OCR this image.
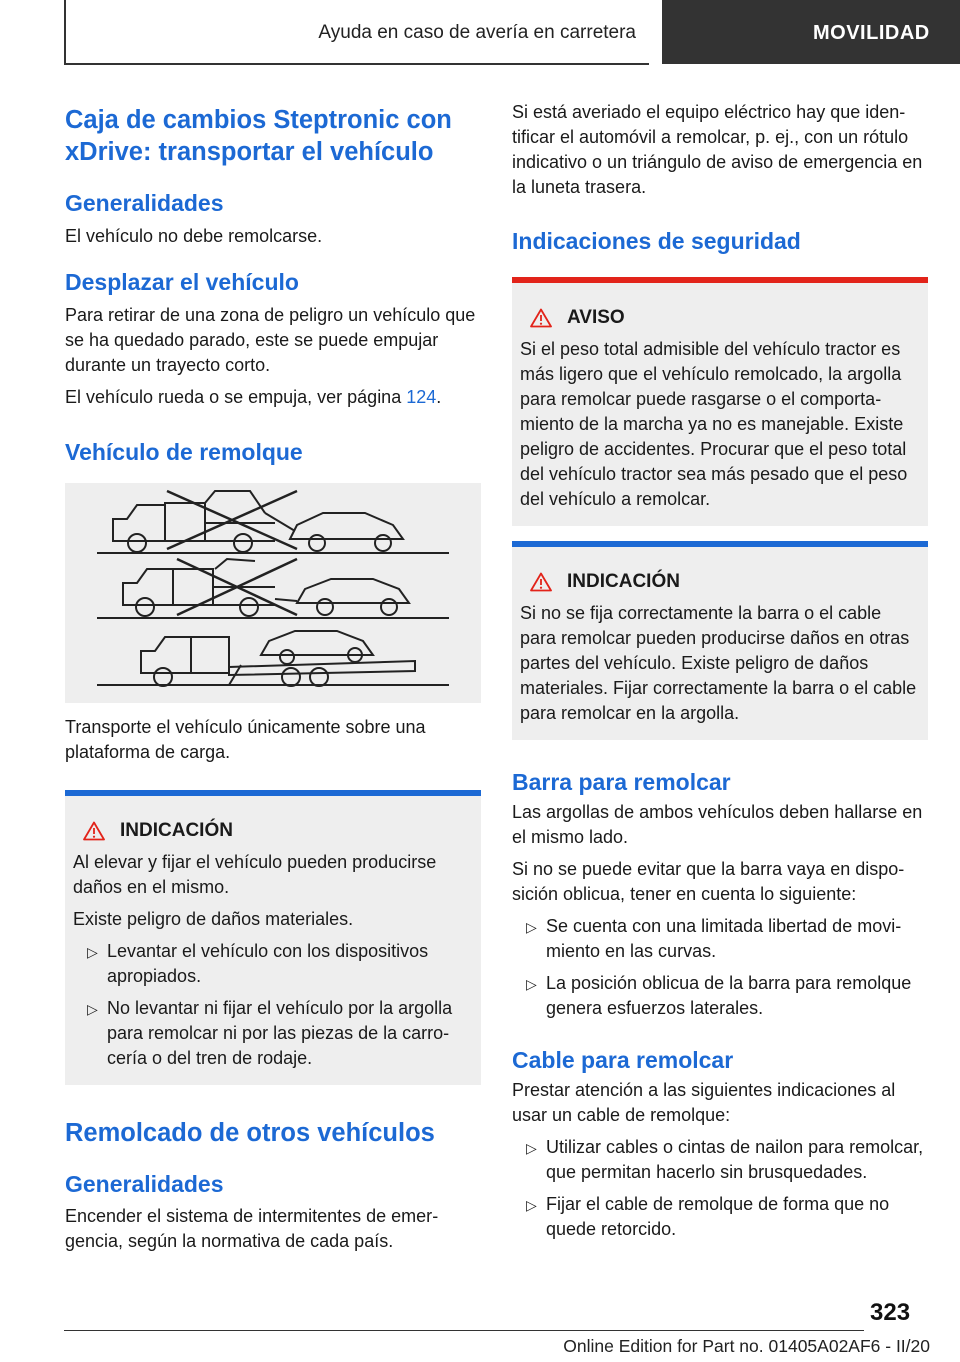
Ayuda en caso de avería en carretera	MOVILIDAD
Caja de cambios Steptronic con xDrive: transportar el vehículo
Generalidades

El vehículo no debe remolcarse.

Desplazar el vehículo

Para retirar de una zona de peligro un vehículo que se ha quedado parado, este se puede empujar durante un trayecto corto.

El vehículo rueda o se empuja, ver página 124.

Vehículo de remolque

Transporte el vehículo únicamente sobre una plataforma de carga.

INDICACIÓN

Al elevar y fijar el vehículo pueden producirse daños en el mismo.

Existe peligro de daños materiales.

▷ Levantar el vehículo con los dispositivos apropiados.
▷ No levantar ni fijar el vehículo por la argolla para remolcar ni por las piezas de la carrocería o del tren de rodaje.
Remolcado de otros vehículos
Generalidades

Encender el sistema de intermitentes de emergencia, según la normativa de cada país.

Si está averiado el equipo eléctrico hay que identificar el automóvil a remolcar, p. ej., con un rótulo indicativo o un triángulo de aviso de emergencia en la luneta trasera.

Indicaciones de seguridad
AVISO

Si el peso total admisible del vehículo tractor es más ligero que el vehículo remolcado, la argolla para remolcar puede rasgarse o el comportamiento de la marcha ya no es manejable. Existe peligro de accidentes. Procurar que el peso total del vehículo tractor sea más pesado que el peso del vehículo a remolcar.

INDICACIÓN

Si no se fija correctamente la barra o el cable para remolcar pueden producirse daños en otras partes del vehículo. Existe peligro de daños materiales. Fijar correctamente la barra o el cable para remolcar en la argolla.

Barra para remolcar

Las argollas de ambos vehículos deben hallarse en el mismo lado.

Si no se puede evitar que la barra vaya en disposición oblicua, tener en cuenta lo siguiente:

▷ Se cuenta con una limitada libertad de movimiento en las curvas.
▷ La posición oblicua de la barra para remolque genera esfuerzos laterales.
Cable para remolcar

Prestar atención a las siguientes indicaciones al usar un cable de remolque:

▷ Utilizar cables o cintas de nailon para remolcar, que permitan hacerlo sin brusquedades.
▷ Fijar el cable de remolque de forma que no quede retorcido.
323
Online Edition for Part no. 01405A02AF6 - II/20
